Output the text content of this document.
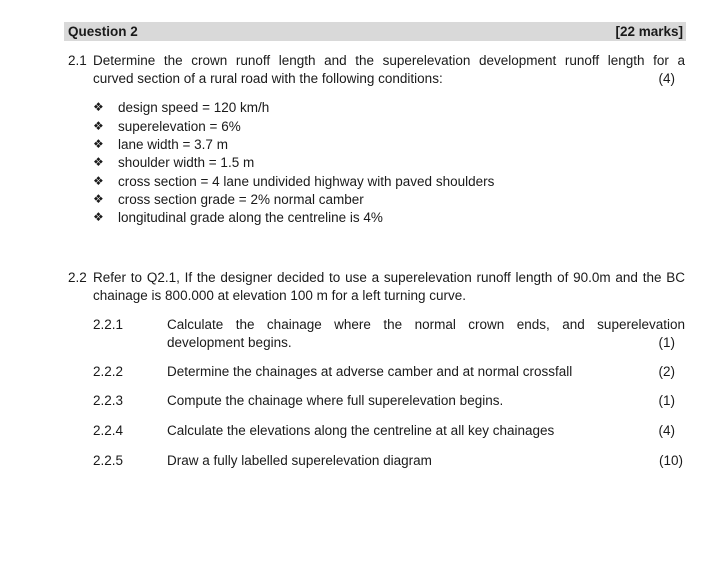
Question 2	[22 marks]
2.1 Determine the crown runoff length and the superelevation development runoff length for a
curved section of a rural road with the following conditions:	(4)
❖ design speed = 120 km/h
❖ superelevation = 6%
❖ lane width = 3.7 m
❖ shoulder width = 1.5 m
❖ cross section = 4 lane undivided highway with paved shoulders
❖ cross section grade = 2% normal camber
❖ longitudinal grade along the centreline is 4%
2.2 Refer to Q2.1, If the designer decided to use a superelevation runoff length of 90.0m and the BC
chainage is 800.000 at elevation 100 m for a left turning curve.
2.2.1	Calculate the chainage where the normal crown ends, and superelevation
development begins.	(1)
2.2.2	Determine the chainages at adverse camber and at normal crossfall	(2)
2.2.3	Compute the chainage where full superelevation begins.	(1)
2.2.4	Calculate the elevations along the centreline at all key chainages	(4)
2.2.5	Draw a fully labelled superelevation diagram	(10)
